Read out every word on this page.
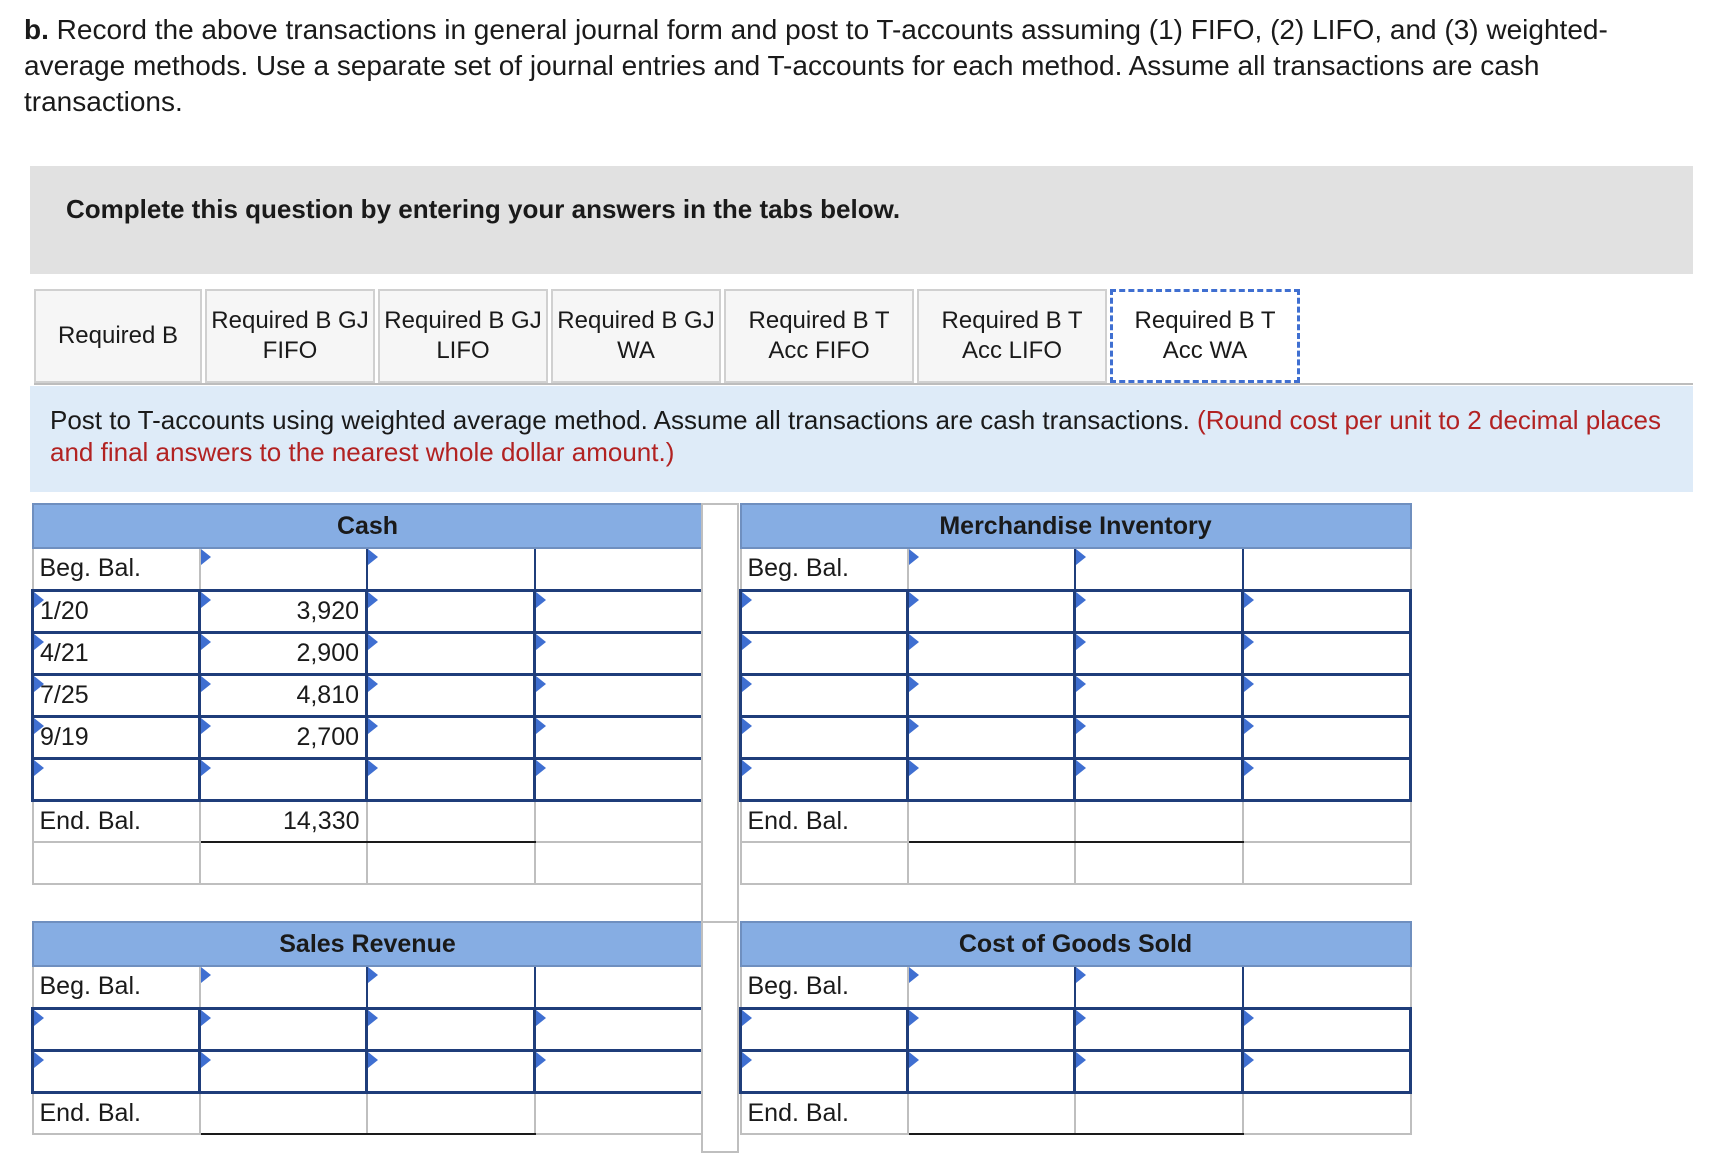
b. Record the above transactions in general journal form and post to T-accounts assuming (1) FIFO, (2) LIFO, and (3) weighted-average methods. Use a separate set of journal entries and T-accounts for each method. Assume all transactions are cash transactions.
Complete this question by entering your answers in the tabs below.
Required B
Required B GJ
FIFO
Required B GJ
LIFO
Required B GJ
WA
Required B T
Acc FIFO
Required B T
Acc LIFO
Required B T
Acc WA
Post to T-accounts using weighted average method. Assume all transactions are cash transactions. (Round cost per unit to 2 decimal places and final answers to the nearest whole dollar amount.)
Cash			
Beg. Bal.			
1/20	3,920		
4/21	2,900		
7/25	4,810		
9/19	2,700		

End. Bal.	14,330		

Merchandise Inventory			
Beg. Bal.			

End. Bal.			

Sales Revenue			
Beg. Bal.			

End. Bal.			
Cost of Goods Sold			
Beg. Bal.			

End. Bal.			
